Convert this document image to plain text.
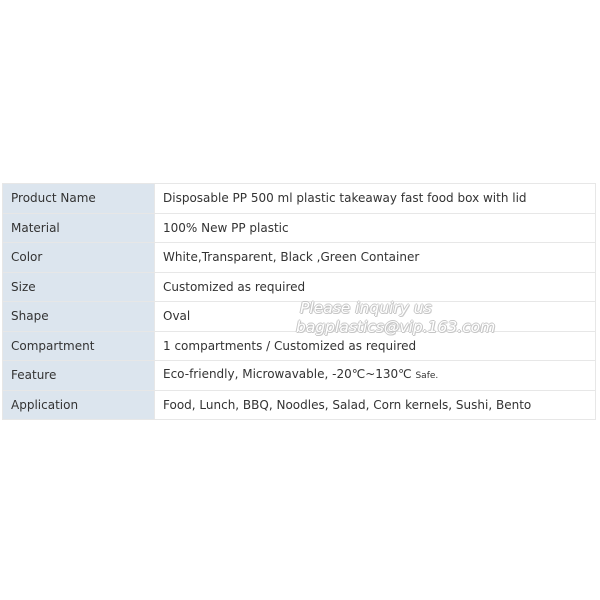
Product Name	Disposable PP 500 ml plastic takeaway fast food box with lid
Material	100% New PP plastic
Color	White,Transparent, Black ,Green Container
Size	Customized as required
Shape	Oval
Compartment	1 compartments / Customized as required
Feature	Eco-friendly, Microwavable, -20℃~130℃ Safe.
Application	Food, Lunch, BBQ, Noodles, Salad, Corn kernels, Sushi, Bento
Please inquiry us
bagplastics@vip.163.com
